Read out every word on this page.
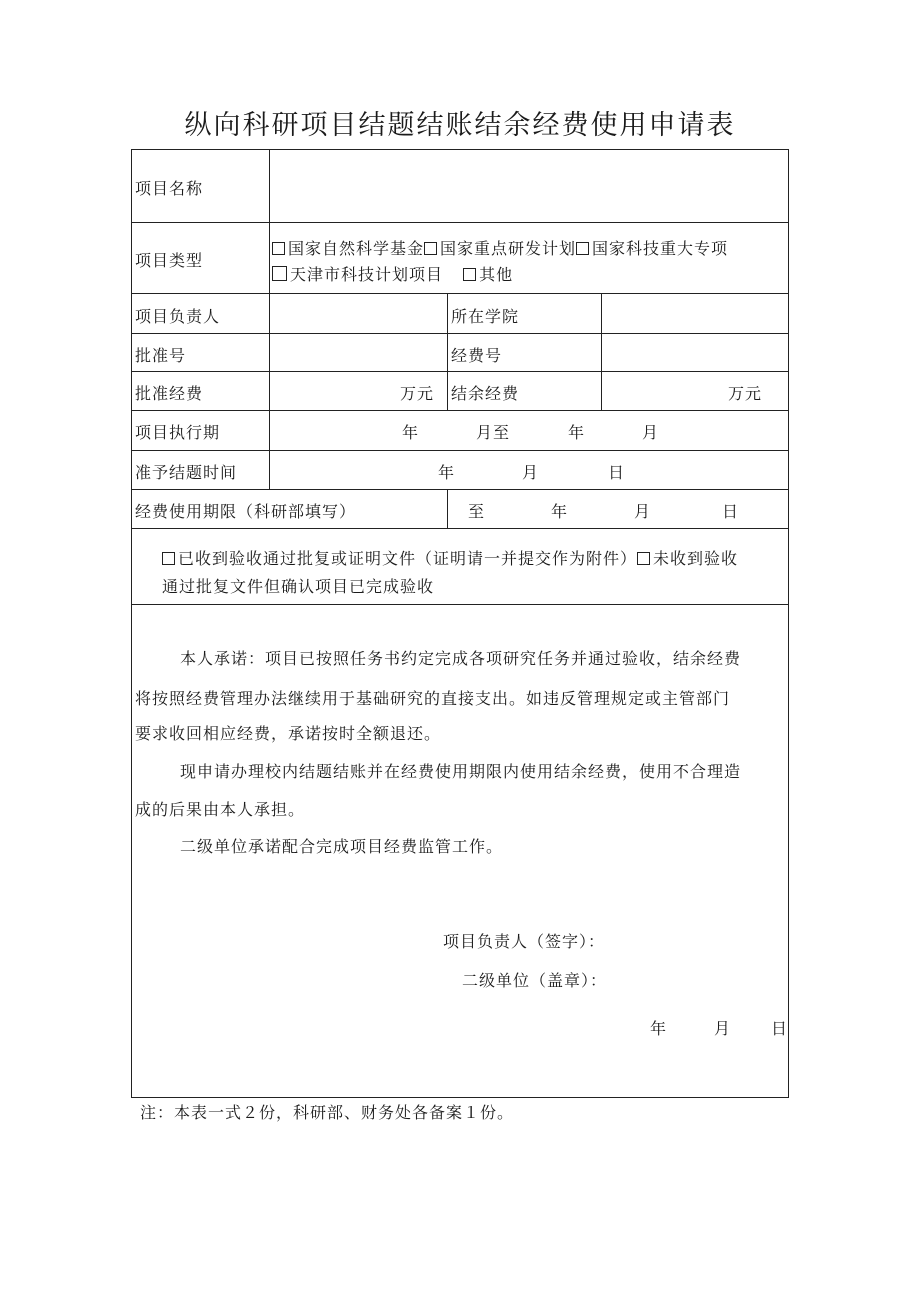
纵向科研项目结题结账结余经费使用申请表
项目名称
项目类型
国家自然科学基金 国家重点研发计划 国家科技重大专项
天津市科技计划项目 其他
项目负责人	所在学院
批准号	经费号
批准经费	万元 结余经费	万元
项目执行期	年	月至	年	月
准予结题时间	年	月	日
经费使用期限（科研部填写）	至	年	月	日
已收到验收通过批复或证明文件（证明请一并提交作为附件） 未收到验收
通过批复文件但确认项目已完成验收
本人承诺：项目已按照任务书约定完成各项研究任务并通过验收，结余经费
将按照经费管理办法继续用于基础研究的直接支出。如违反管理规定或主管部门
要求收回相应经费，承诺按时全额退还。
现申请办理校内结题结账并在经费使用期限内使用结余经费，使用不合理造
成的后果由本人承担。
二级单位承诺配合完成项目经费监管工作。
项目负责人（签字）：
二级单位（盖章）：
年	月 日
注：本表一式２份，科研部、财务处各备案１份。
